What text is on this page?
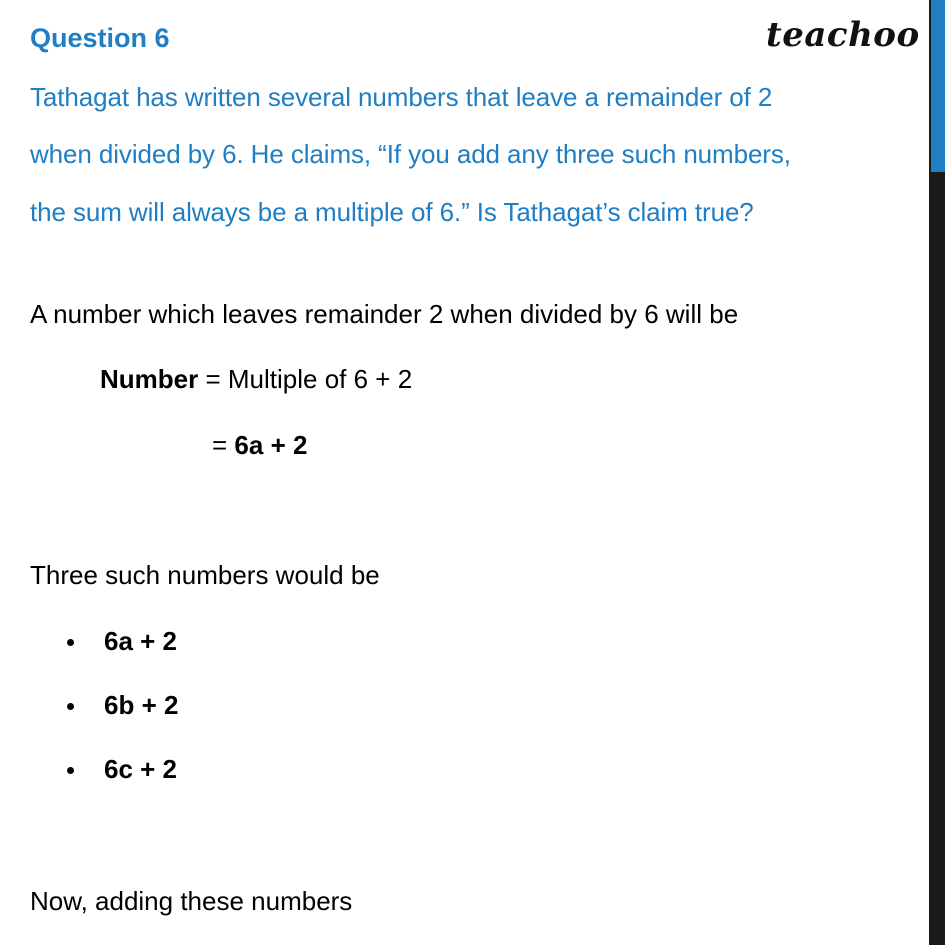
Question 6	teachoo
Tathagat has written several numbers that leave a remainder of 2
when divided by 6. He claims, “If you add any three such numbers,
the sum will always be a multiple of 6.” Is Tathagat’s claim true?
A number which leaves remainder 2 when divided by 6 will be
Number = Multiple of 6 + 2
= 6a + 2
Three such numbers would be
6a + 2
6b + 2
6c + 2
Now, adding these numbers
